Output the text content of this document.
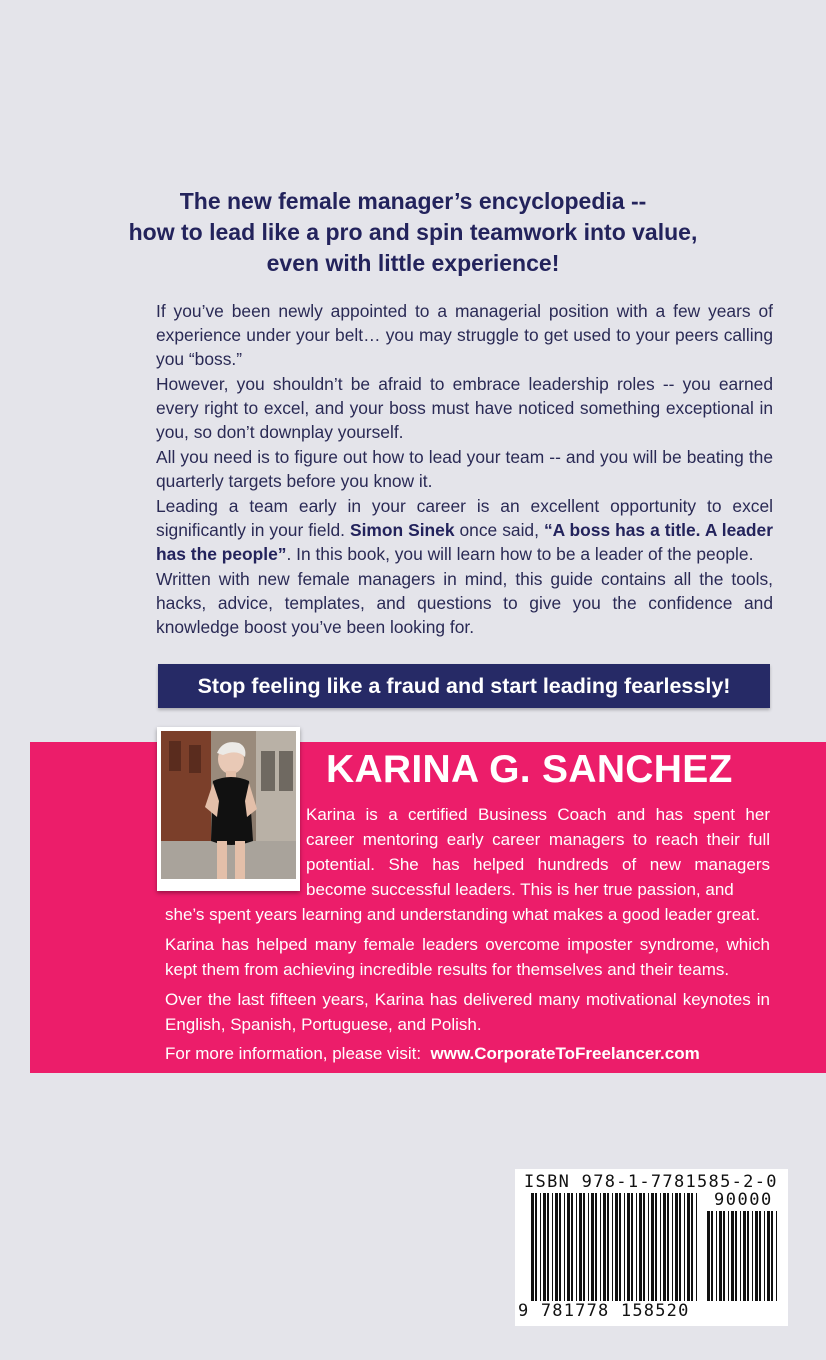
The new female manager’s encyclopedia --
how to lead like a pro and spin teamwork into value,
even with little experience!

If you’ve been newly appointed to a managerial position with a few years of experience under your belt… you may struggle to get used to your peers calling you “boss.”

However, you shouldn’t be afraid to embrace leadership roles -- you earned every right to excel, and your boss must have noticed something exceptional in you, so don’t downplay yourself.

All you need is to figure out how to lead your team -- and you will be beating the quarterly targets before you know it.

Leading a team early in your career is an excellent opportunity to excel significantly in your field. Simon Sinek once said, “A boss has a title. A leader has the people”. In this book, you will learn how to be a leader of the people.

Written with new female managers in mind, this guide contains all the tools, hacks, advice, templates, and questions to give you the confidence and knowledge boost you’ve been looking for.

Stop feeling like a fraud and start leading fearlessly!
KARINA G. SANCHEZ

Karina is a certified Business Coach and has spent her career mentoring early career managers to reach their full potential. She has helped hundreds of new managers become successful leaders. This is her true passion, and

she’s spent years learning and understanding what makes a good leader great.

Karina has helped many female leaders overcome imposter syndrome, which kept them from achieving incredible results for themselves and their teams.

Over the last fifteen years, Karina has delivered many motivational keynotes in English, Spanish, Portuguese, and Polish.

For more information, please visit: www.CorporateToFreelancer.com
ISBN 978-1-7781585-2-0
90000
9 781778 158520
